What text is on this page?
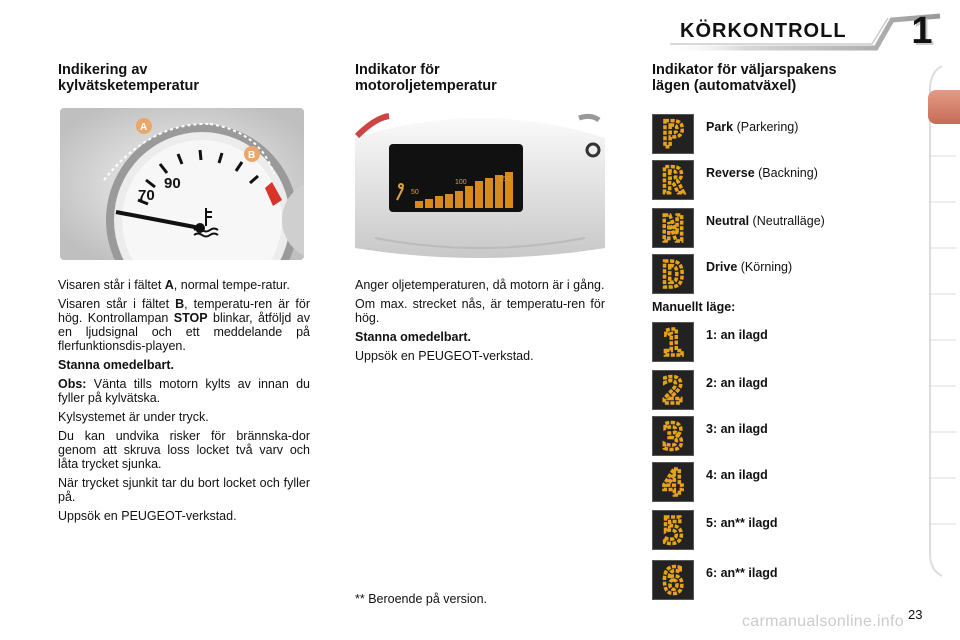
KÖRKONTROLL 1

Indikering av
kylvätsketemperatur

70
90
A
B

Visaren står i fältet A, normal tempe-ratur.

Visaren står i fältet B, temperatu-ren är för hög. Kontrollampan STOP blinkar, åtföljd av en ljudsignal och ett meddelande på flerfunktionsdis-playen.

Stanna omedelbart.

Obs: Vänta tills motorn kylts av innan du fyller på kylvätska.

Kylsystemet är under tryck.

Du kan undvika risker för brännska-dor genom att skruva loss locket två varv och låta trycket sjunka.

När trycket sjunkit tar du bort locket och fyller på.

Uppsök en PEUGEOT-verkstad.

Indikator för
motoroljetemperatur

50
100	150

Anger oljetemperaturen, då motorn är i gång.

Om max. strecket nås, är temperatu-ren för hög.

Stanna omedelbart.

Uppsök en PEUGEOT-verkstad.

** Beroende på version.

Indikator för väljarspakens
lägen (automatväxel)

P Park (Parkering)
R Reverse (Backning)
N Neutral (Neutralläge)
D Drive (Körning)
Manuellt läge:
1 1: an ilagd
2 2: an ilagd
3 3: an ilagd
4 4: an ilagd
5 5: an** ilagd
6 6: an** ilagd
carmanualsonline.info 23
